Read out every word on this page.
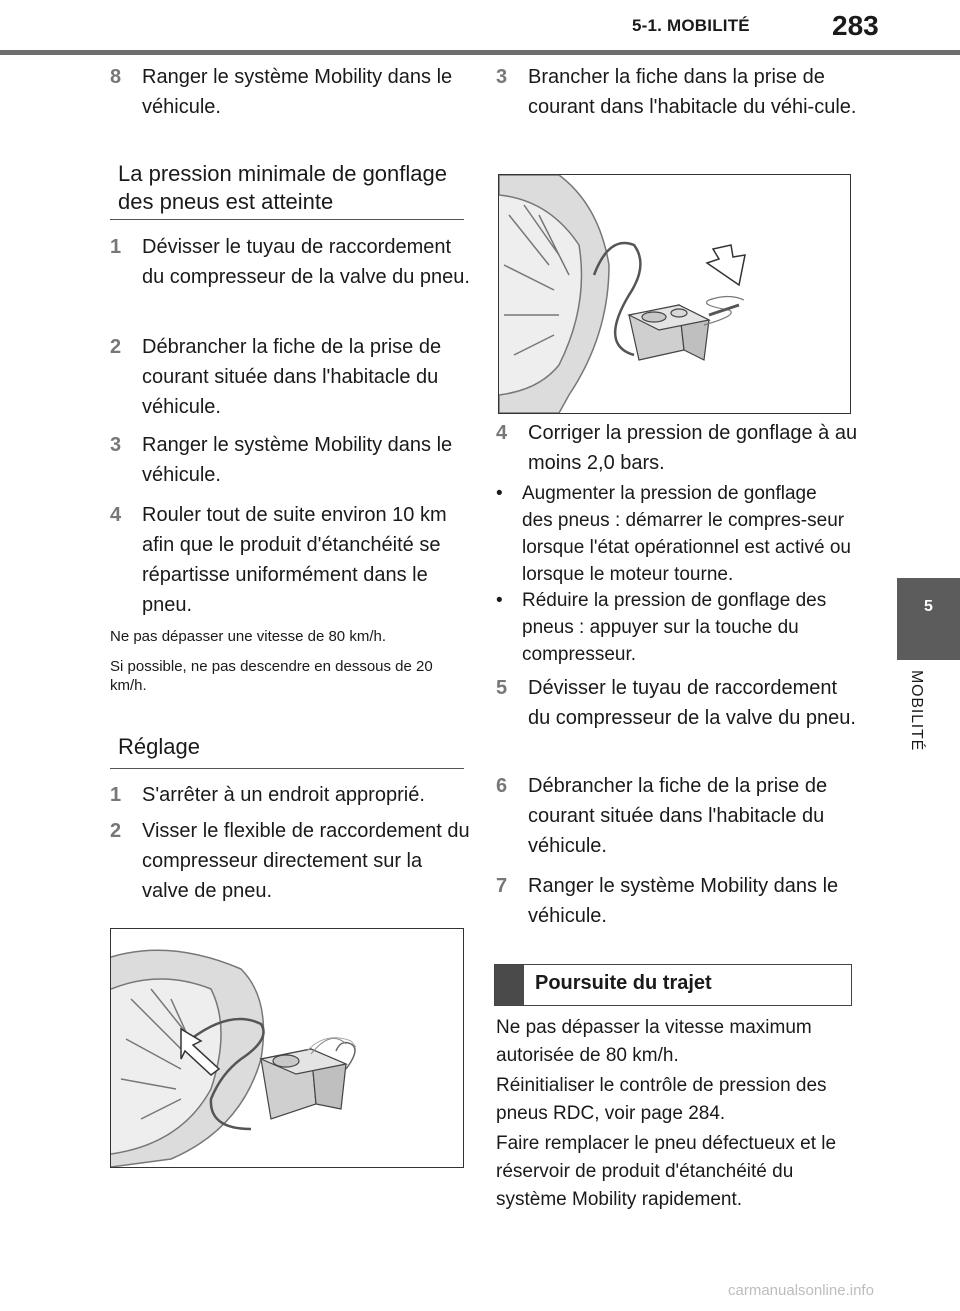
5-1. MOBILITÉ	283
5
MOBILITÉ
8 Ranger le système Mobility dans le véhicule.
La pression minimale de gonflage des pneus est atteinte
1 Dévisser le tuyau de raccordement du compresseur de la valve du pneu.
2 Débrancher la fiche de la prise de courant située dans l'habitacle du véhicule.
3 Ranger le système Mobility dans le véhicule.
4 Rouler tout de suite environ 10 km afin que le produit d'étanchéité se répartisse uniformément dans le pneu.
Ne pas dépasser une vitesse de 80 km/h.
Si possible, ne pas descendre en dessous de 20 km/h.
Réglage
1 S'arrêter à un endroit approprié.
2 Visser le flexible de raccordement du compresseur directement sur la valve de pneu.
3 Brancher la fiche dans la prise de courant dans l'habitacle du véhi-cule.
4 Corriger la pression de gonflage à au moins 2,0 bars.
• Augmenter la pression de gonflage des pneus : démarrer le compres-seur lorsque l'état opérationnel est activé ou lorsque le moteur tourne.
• Réduire la pression de gonflage des pneus : appuyer sur la touche du compresseur.
5 Dévisser le tuyau de raccordement du compresseur de la valve du pneu.
6 Débrancher la fiche de la prise de courant située dans l'habitacle du véhicule.
7 Ranger le système Mobility dans le véhicule.
Poursuite du trajet
Ne pas dépasser la vitesse maximum autorisée de 80 km/h.
Réinitialiser le contrôle de pression des pneus RDC, voir page 284.
Faire remplacer le pneu défectueux et le réservoir de produit d'étanchéité du système Mobility rapidement.
carmanualsonline.info
